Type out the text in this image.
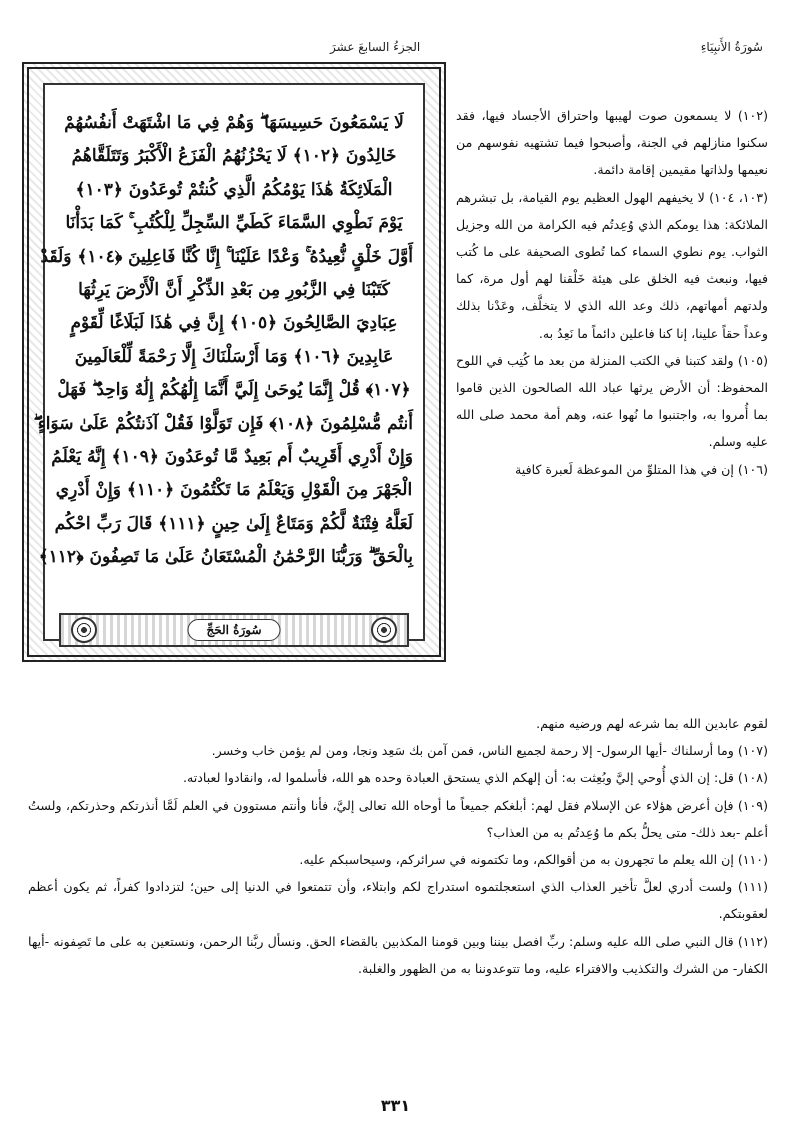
سُورَةُ الأَنبِيَاءِ
الجزءُ السابعَ عشرَ
لَا يَسْمَعُونَ حَسِيسَهَا ۖ وَهُمْ فِي مَا اشْتَهَتْ أَنفُسُهُمْ
خَالِدُونَ ﴿١٠٢﴾ لَا يَحْزُنُهُمُ الْفَزَعُ الْأَكْبَرُ وَتَتَلَقَّاهُمُ
الْمَلَائِكَةُ هَٰذَا يَوْمُكُمُ الَّذِي كُنتُمْ تُوعَدُونَ ﴿١٠٣﴾
يَوْمَ نَطْوِي السَّمَاءَ كَطَيِّ السِّجِلِّ لِلْكُتُبِ ۚ كَمَا بَدَأْنَا
أَوَّلَ خَلْقٍ نُّعِيدُهُ ۚ وَعْدًا عَلَيْنَا ۚ إِنَّا كُنَّا فَاعِلِينَ ﴿١٠٤﴾ وَلَقَدْ
كَتَبْنَا فِي الزَّبُورِ مِن بَعْدِ الذِّكْرِ أَنَّ الْأَرْضَ يَرِثُهَا
عِبَادِيَ الصَّالِحُونَ ﴿١٠٥﴾ إِنَّ فِي هَٰذَا لَبَلَاغًا لِّقَوْمٍ
عَابِدِينَ ﴿١٠٦﴾ وَمَا أَرْسَلْنَاكَ إِلَّا رَحْمَةً لِّلْعَالَمِينَ
﴿١٠٧﴾ قُلْ إِنَّمَا يُوحَىٰ إِلَيَّ أَنَّمَا إِلَٰهُكُمْ إِلَٰهٌ وَاحِدٌ ۖ فَهَلْ
أَنتُم مُّسْلِمُونَ ﴿١٠٨﴾ فَإِن تَوَلَّوْا فَقُلْ آذَنتُكُمْ عَلَىٰ سَوَاءٍ ۖ
وَإِنْ أَدْرِي أَقَرِيبٌ أَم بَعِيدٌ مَّا تُوعَدُونَ ﴿١٠٩﴾ إِنَّهُ يَعْلَمُ
الْجَهْرَ مِنَ الْقَوْلِ وَيَعْلَمُ مَا تَكْتُمُونَ ﴿١١٠﴾ وَإِنْ أَدْرِي
لَعَلَّهُ فِتْنَةٌ لَّكُمْ وَمَتَاعٌ إِلَىٰ حِينٍ ﴿١١١﴾ قَالَ رَبِّ احْكُم
بِالْحَقِّ ۗ وَرَبُّنَا الرَّحْمَٰنُ الْمُسْتَعَانُ عَلَىٰ مَا تَصِفُونَ ﴿١١٢﴾
سُورَةُ الحَجِّ

(١٠٢) لا يسمعون صوت لهيبها واحتراق الأجساد فيها، فقد سكنوا منازلهم في الجنة، وأصبحوا فيما تشتهيه نفوسهم من نعيمها ولذاتها مقيمين إقامة دائمة.

(١٠٣، ١٠٤) لا يخيفهم الهول العظيم يوم القيامة، بل تبشرهم الملائكة: هذا يومكم الذي وُعِدتُم فيه الكرامة من الله وجزيل الثواب. يوم نطوي السماء كما تُطوى الصحيفة على ما كُتب فيها، ونبعث فيه الخلق على هيئة خَلْقنا لهم أول مرة، كما ولدتهم أمهاتهم، ذلك وعد الله الذي لا يتخلَّف، وعَدْنا بذلك وعداً حقاً علينا، إنا كنا فاعلين دائماً ما نَعِدُ به.

(١٠٥) ولقد كتبنا في الكتب المنزلة من بعد ما كُتِب في اللوح المحفوظ: أن الأرض يرثها عباد الله الصالحون الذين قاموا بما أُمروا به، واجتنبوا ما نُهوا عنه، وهم أمة محمد صلى الله عليه وسلم.

(١٠٦) إن في هذا المتلوِّ من الموعظة لَعبرة كافية

لقوم عابدين الله بما شرعه لهم ورضيه منهم.

(١٠٧) وما أرسلناك -أيها الرسول- إلا رحمة لجميع الناس، فمن آمن بك سَعِد ونجا، ومن لم يؤمن خاب وخسر.

(١٠٨) قل: إن الذي أُوحي إليَّ وبُعِثت به: أن إلهكم الذي يستحق العبادة وحده هو الله، فأسلموا له، وانقادوا لعبادته.

(١٠٩) فإن أعرض هؤلاء عن الإسلام فقل لهم: أبلغكم جميعاً ما أوحاه الله تعالى إليَّ، فأنا وأنتم مستوون في العلم لَمَّا أنذرتكم وحذرتكم، ولستُ أعلم -بعد ذلك- متى يحلُّ بكم ما وُعِدتُم به من العذاب؟

(١١٠) إن الله يعلم ما تجهرون به من أقوالكم، وما تكتمونه في سرائركم، وسيحاسبكم عليه.

(١١١) ولست أدري لعلَّ تأخير العذاب الذي استعجلتموه استدراج لكم وابتلاء، وأن تتمتعوا في الدنيا إلى حين؛ لتزدادوا كفراً، ثم يكون أعظم لعقوبتكم.

(١١٢) قال النبي صلى الله عليه وسلم: ربِّ افصل بيننا وبين قومنا المكذبين بالقضاء الحق. ونسأل ربَّنا الرحمن، ونستعين به على ما تَصِفونه -أيها الكفار- من الشرك والتكذيب والافتراء عليه، وما تتوعدوننا به من الظهور والغلبة.

٣٣١
